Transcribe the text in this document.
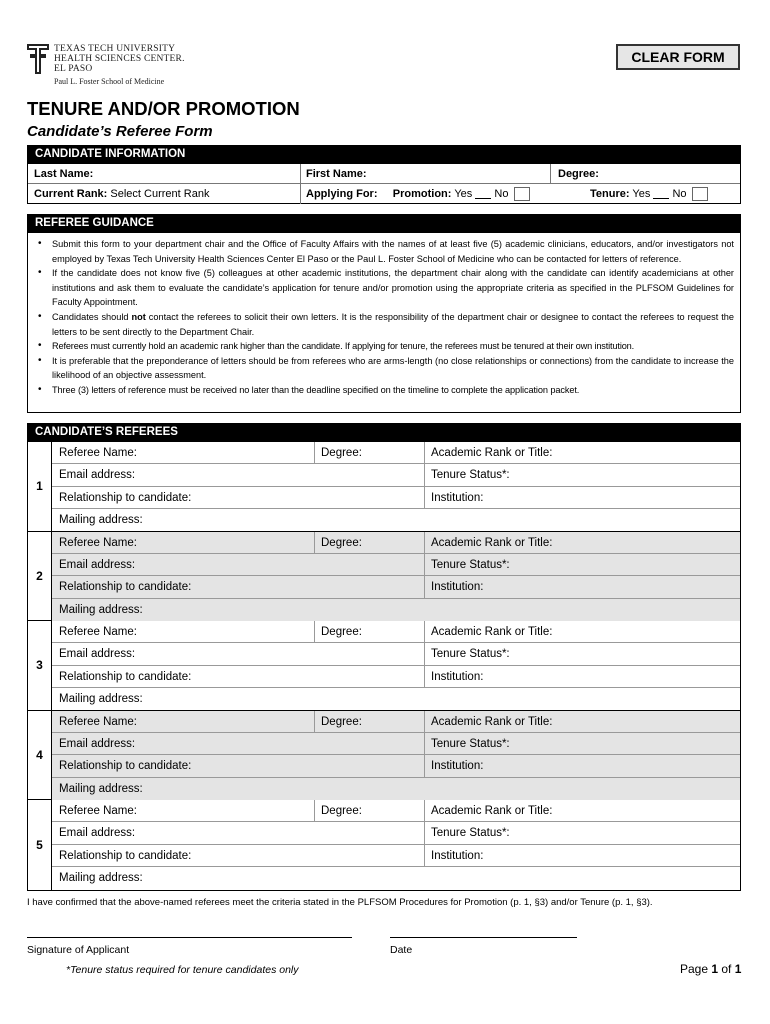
TEXAS TECH UNIVERSITY
HEALTH SCIENCES CENTER.
EL PASO
Paul L. Foster School of Medicine
CLEAR FORM
TENURE AND/OR PROMOTION
Candidate’s Referee Form
CANDIDATE INFORMATION
Last Name:	First Name:	Degree:
Current Rank: Select Current Rank	Applying For: Promotion: Yes No	Tenure: Yes No
REFEREE GUIDANCE
• Submit this form to your department chair and the Office of Faculty Affairs with the names of at least five (5) academic clinicians, educators, and/or investigators not employed by Texas Tech University Health Sciences Center El Paso or the Paul L. Foster School of Medicine who can be contacted for letters of reference.
• If the candidate does not know five (5) colleagues at other academic institutions, the department chair along with the candidate can identify academicians at other institutions and ask them to evaluate the candidate’s application for tenure and/or promotion using the appropriate criteria as specified in the PLFSOM Guidelines for Faculty Appointment.
• Candidates should not contact the referees to solicit their own letters. It is the responsibility of the department chair or designee to contact the referees to request the letters to be sent directly to the Department Chair.
• Referees must currently hold an academic rank higher than the candidate. If applying for tenure, the referees must be tenured at their own institution.
• It is preferable that the preponderance of letters should be from referees who are arms-length (no close relationships or connections) from the candidate to increase the likelihood of an objective assessment.
• Three (3) letters of reference must be received no later than the deadline specified on the timeline to complete the application packet.
CANDIDATE’S REFEREES
1
Referee Name:	Degree:	Academic Rank or Title:
Email address:	Tenure Status*:
Relationship to candidate:	Institution:
Mailing address:
2
Referee Name:	Degree:	Academic Rank or Title:
Email address:	Tenure Status*:
Relationship to candidate:	Institution:
Mailing address:
3
Referee Name:	Degree:	Academic Rank or Title:
Email address:	Tenure Status*:
Relationship to candidate:	Institution:
Mailing address:
4
Referee Name:	Degree:	Academic Rank or Title:
Email address:	Tenure Status*:
Relationship to candidate:	Institution:
Mailing address:
5
Referee Name:	Degree:	Academic Rank or Title:
Email address:	Tenure Status*:
Relationship to candidate:	Institution:
Mailing address:
I have confirmed that the above-named referees meet the criteria stated in the PLFSOM Procedures for Promotion (p. 1, §3) and/or Tenure (p. 1, §3).
Signature of Applicant	Date
*Tenure status required for tenure candidates only	Page 1 of 1
